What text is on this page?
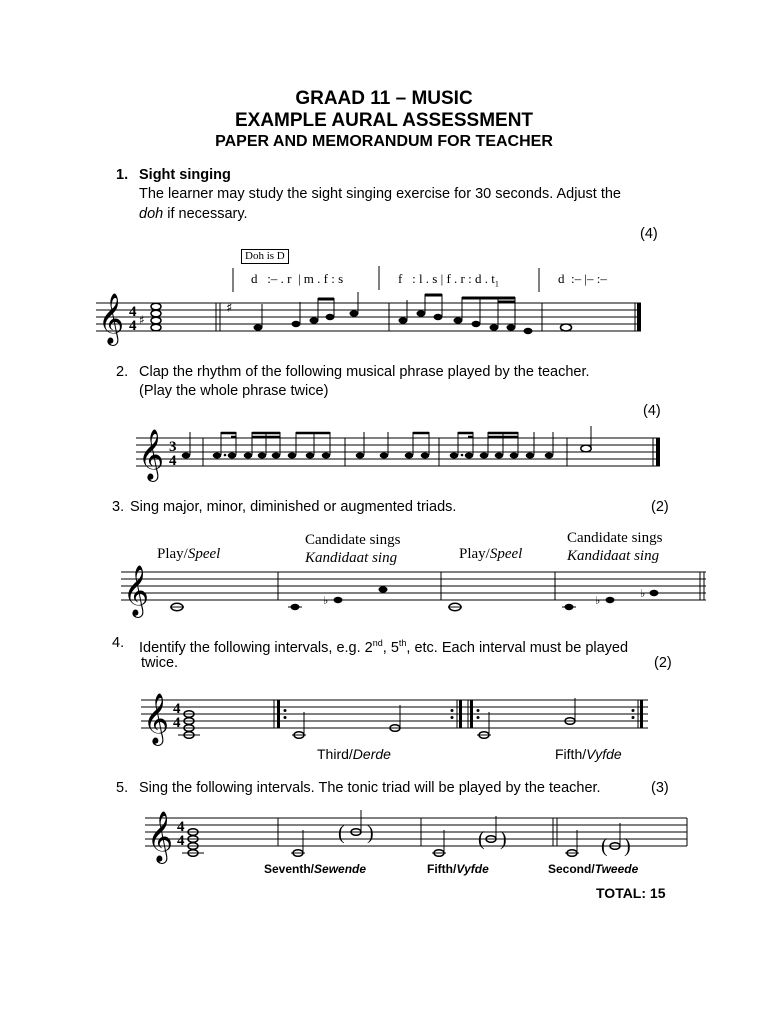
GRAAD 11 – MUSIC
EXAMPLE AURAL ASSESSMENT
PAPER AND MEMORANDUM FOR TEACHER
1. Sight singing
The learner may study the sight singing exercise for 30 seconds. Adjust the
doh if necessary.
(4)
Doh is D
d   :– . r  | m . f : s	f   : l . s | f . r : d . $t_1$	d  :– |– :–
𝄞 4
4 ♯
♯
2. Clap the rhythm of the following musical phrase played by the teacher.
(Play the whole phrase twice)
(4)
𝄞 3
4
3. Sing major, minor, diminished or augmented triads.	(2)
Play/Speel
Candidate sings
Kandidaat sing	Play/Speel
Candidate sings
Kandidaat sing
𝄞	♭	♭
♭
4. Identify the following intervals, e.g. 2nd, 5th, etc. Each interval must be played
twice.	(2)
𝄞 4
4
Third/Derde	Fifth/Vyfde
5. Sing the following intervals. The tonic triad will be played by the teacher.	(3)
𝄞 4
4	( )	( )	( )
Seventh/Sewende	Fifth/Vyfde	Second/Tweede
TOTAL: 15
